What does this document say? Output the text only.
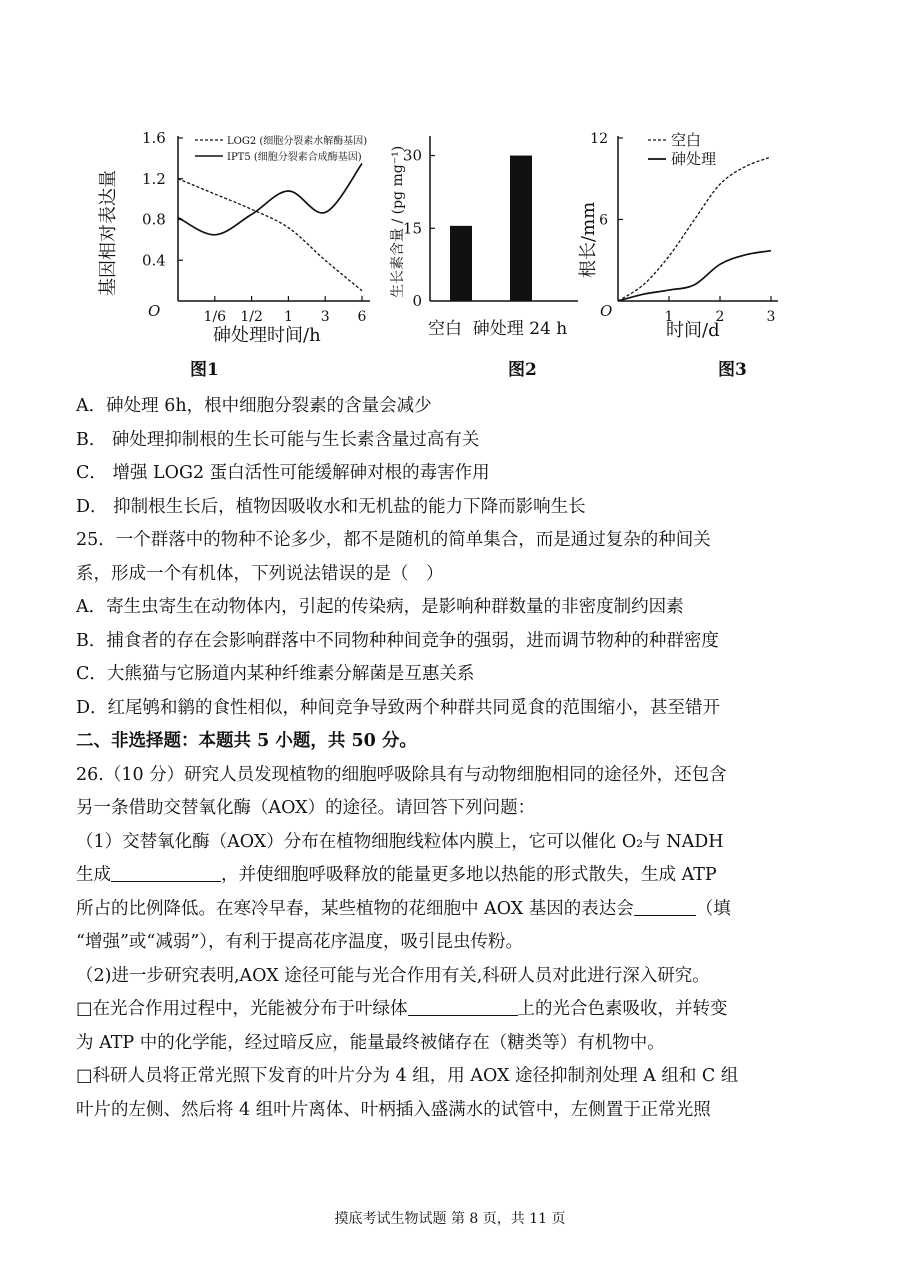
1.6
1.2
0.8
0.4
1/6 1/2 1 3 6
O
LOG2 (细胞分裂素水解酶基因)
IPT5 (细胞分裂素合成酶基因)
基因相对表达量
砷处理时间/h
图1
30
15
0
生长素含量 / (pg mg⁻¹)
空白  砷处理 24 h
图2
12
6
1	2	3
O
空白
砷处理
根长/mm
时间/d
图3
A．砷处理 6h，根中细胞分裂素的含量会减少
B． 砷处理抑制根的生长可能与生长素含量过高有关
C． 增强 LOG2 蛋白活性可能缓解砷对根的毒害作用
D． 抑制根生长后，植物因吸收水和无机盐的能力下降而影响生长
25．一个群落中的物种不论多少，都不是随机的简单集合，而是通过复杂的种间关
系，形成一个有机体，下列说法错误的是（　）
A．寄生虫寄生在动物体内，引起的传染病，是影响种群数量的非密度制约因素
B．捕食者的存在会影响群落中不同物种种间竞争的强弱，进而调节物种的种群密度
C．大熊猫与它肠道内某种纤维素分解菌是互惠关系
D．红尾鸲和鹟的食性相似，种间竞争导致两个种群共同觅食的范围缩小，甚至错开
二、非选择题：本题共 5 小题，共 50 分。
26.（10 分）研究人员发现植物的细胞呼吸除具有与动物细胞相同的途径外，还包含
另一条借助交替氧化酶（AOX）的途径。请回答下列问题：
（1）交替氧化酶（AOX）分布在植物细胞线粒体内膜上，它可以催化 O₂与 NADH
生成	，并使细胞呼吸释放的能量更多地以热能的形式散失，生成 ATP
所占的比例降低。在寒冷早春，某些植物的花细胞中 AOX 基因的表达会	（填
“增强”或“减弱”），有利于提高花序温度，吸引昆虫传粉。
（2)进一步研究表明,AOX 途径可能与光合作用有关,科研人员对此进行深入研究。
□在光合作用过程中，光能被分布于叶绿体	上的光合色素吸收，并转变
为 ATP 中的化学能，经过暗反应，能量最终被储存在（糖类等）有机物中。
□科研人员将正常光照下发育的叶片分为 4 组，用 AOX 途径抑制剂处理 A 组和 C 组
叶片的左侧、然后将 4 组叶片离体、叶柄插入盛满水的试管中，左侧置于正常光照
摸底考试生物试题 第 8 页，共 11 页
